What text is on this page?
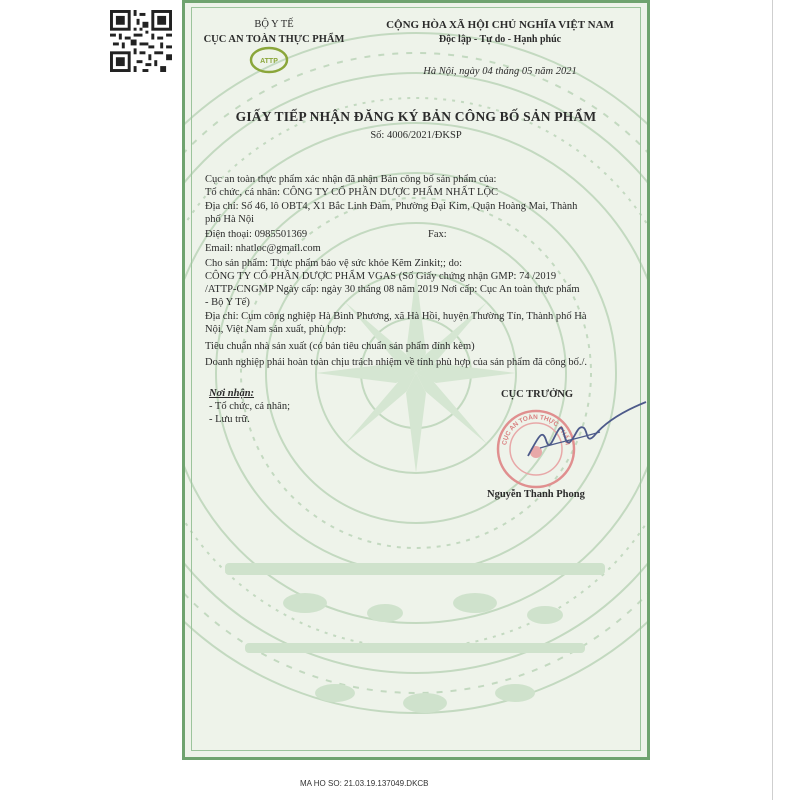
BỘ Y TẾ
CỤC AN TOÀN THỰC PHẨM
ATTP
CỘNG HÒA XÃ HỘI CHỦ NGHĨA VIỆT NAM
Độc lập - Tự do - Hạnh phúc
Hà Nội, ngày 04 tháng 05 năm 2021
GIẤY TIẾP NHẬN ĐĂNG KÝ BẢN CÔNG BỐ SẢN PHẨM
Số: 4006/2021/ĐKSP
Cục an toàn thực phẩm xác nhận đã nhận Bản công bố sản phẩm của:
Tổ chức, cá nhân: CÔNG TY CỔ PHẦN DƯỢC PHẨM NHẤT LỘC
Địa chỉ: Số 46, lô OBT4, X1 Bắc Linh Đàm, Phường Đại Kim, Quận Hoàng Mai, Thành
phố Hà Nội
Điện thoại: 0985501369	Fax:
Email: nhatloc@gmail.com
Cho sản phẩm: Thực phẩm bảo vệ sức khỏe Kẽm Zinkit;; do:
CÔNG TY CỔ PHẦN DƯỢC PHẨM VGAS (Số Giấy chứng nhận GMP: 74 /2019
/ATTP-CNGMP Ngày cấp: ngày 30 tháng 08 năm 2019 Nơi cấp: Cục An toàn thực phẩm
- Bộ Y Tế)
Địa chỉ: Cụm công nghiệp Hà Bình Phương, xã Hà Hồi, huyện Thường Tín, Thành phố Hà
Nội, Việt Nam sản xuất, phù hợp:
Tiêu chuẩn nhà sản xuất (có bản tiêu chuẩn sản phẩm đính kèm)
Doanh nghiệp phải hoàn toàn chịu trách nhiệm về tính phù hợp của sản phẩm đã công bố./.
Nơi nhận:
- Tổ chức, cá nhân;
- Lưu trữ.
CỤC TRƯỞNG
CỤC AN TOÀN THỰC PHẨM
Nguyễn Thanh Phong
MA HO SO: 21.03.19.137049.DKCB
